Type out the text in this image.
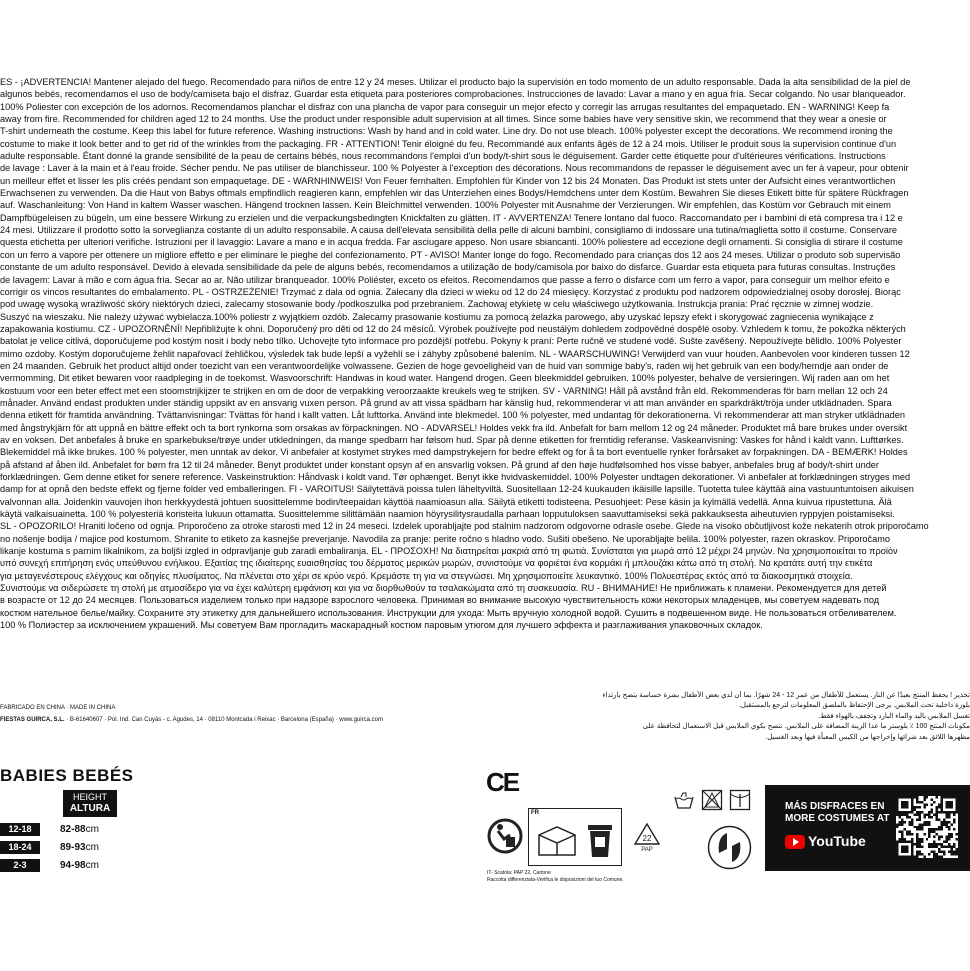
ES - ¡ADVERTENCIA! Mantener alejado del fuego. Recomendado para niños de entre 12 y 24 meses. Utilizar el producto bajo la supervisión en todo momento de un adulto responsable. Dada la alta sensibilidad de la piel de
algunos bebés, recomendamos el uso de body/camiseta bajo el disfraz. Guardar esta etiqueta para posteriores comprobaciones. Instrucciones de lavado: Lavar a mano y en agua fría. Secar colgando. No usar blanqueador.
100% Poliester con excepción de los adornos. Recomendamos planchar el disfraz con una plancha de vapor para conseguir un mejor efecto y corregir las arrugas resultantes del empaquetado. EN - WARNING! Keep fa
away from fire. Recommended for children aged 12 to 24 months. Use the product under responsible adult supervision at all times. Since some babies have very sensitive skin, we recommend that they wear a onesie or
T-shirt underneath the costume. Keep this label for future reference. Washing instructions: Wash by hand and in cold water. Line dry. Do not use bleach. 100% polyester except the decorations. We recommend ironing the
costume to make it look better and to get rid of the wrinkles from the packaging. FR - ATTENTION! Tenir éloigné du feu. Recommandé aux enfants âgés de 12 à 24 mois. Utiliser le produit sous la supervision continue d'un
adulte responsable. Étant donné la grande sensibilité de la peau de certains bébés, nous recommandons l'emploi d'un body/t-shirt sous le déguisement. Garder cette étiquette pour d'ultérieures vérifications. Instructions
de lavage : Laver à la main et à l'eau froide. Sécher pendu. Ne pas utiliser de blanchisseur. 100 % Polyester à l'exception des décorations. Nous recommandons de repasser le déguisement avec un fer à vapeur, pour obtenir
un meilleur effet et lisser les plis créés pendant son empaquetage. DE - WARNHINWEIS! Von Feuer fernhalten. Empfohlen für Kinder von 12 bis 24 Monaten. Das Produkt ist stets unter der Aufsicht eines verantwortlichen
Erwachsenen zu verwenden. Da die Haut von Babys oftmals empfindlich reagieren kann, empfehlen wir das Unterziehen eines Bodys/Hemdchens unter dem Kostüm. Bewahren Sie dieses Etikett bitte für spätere Rückfragen
auf. Waschanleitung: Von Hand in kaltem Wasser waschen. Hängend trocknen lassen. Kein Bleichmittel verwenden. 100% Polyester mit Ausnahme der Verzierungen. Wir empfehlen, das Kostüm vor Gebrauch mit einem
Dampfbügeleisen zu bügeln, um eine bessere Wirkung zu erzielen und die verpackungsbedingten Knickfalten zu glätten. IT - AVVERTENZA! Tenere lontano dal fuoco. Raccomandato per i bambini di età compresa tra i 12 e
24 mesi. Utilizzare il prodotto sotto la sorveglianza costante di un adulto responsabile. A causa dell'elevata sensibilità della pelle di alcuni bambini, consigliamo di indossare una tutina/maglietta sotto il costume. Conservare
questa etichetta per ulteriori verifiche. Istruzioni per il lavaggio: Lavare a mano e in acqua fredda. Far asciugare appeso. Non usare sbiancanti. 100% poliestere ad eccezione degli ornamenti. Si consiglia di stirare il costume
con un ferro a vapore per ottenere un migliore effetto e per eliminare le pieghe del confezionamento. PT - AVISO! Manter longe do fogo. Recomendado para crianças dos 12 aos 24 meses. Utilizar o produto sob supervisão
constante de um adulto responsável. Devido à elevada sensibilidade da pele de alguns bebés, recomendamos a utilização de body/camisola por baixo do disfarce. Guardar esta etiqueta para futuras consultas. Instruções
de lavagem: Lavar à mão e com água fria. Secar ao ar. Não utilizar branqueador. 100% Poliéster, exceto os efeitos. Recomendamos que passe a ferro o disfarce com um ferro a vapor, para conseguir um melhor efeito e
corrigir os vincos resultantes do embalamento. PL - OSTRZEŻENIE! Trzymać z dala od ognia. Zalecany dla dzieci w wieku od 12 do 24 miesięcy. Korzystać z produktu pod nadzorem odpowiedzialnej osoby dorosłej. Biorąc
pod uwagę wysoką wrażliwość skóry niektórych dzieci, zalecamy stosowanie body /podkoszulka pod przebraniem. Zachowaj etykietę w celu właściwego użytkowania. Instrukcja prania: Prać ręcznie w zimnej wodzie.
Suszyć na wieszaku. Nie należy używać wybielacza.100% poliestr z wyjątkiem ozdób. Zalecamy prasowanie kostiumu za pomocą żelazka parowego, aby uzyskać lepszy efekt i skorygować zagniecenia wynikające z
zapakowania kostiumu. CZ - UPOZORNĚNÍ! Nepřibližujte k ohni. Doporučený pro děti od 12 do 24 měsíců. Výrobek používejte pod neustálým dohledem zodpovědné dospělé osoby. Vzhledem k tomu, že pokožka některých
batolat je velice citlivá, doporučujeme pod kostým nosit i body nebo tílko. Uchovejte tyto informace pro pozdější potřebu. Pokyny k praní: Perte ručně ve studené vodě. Sušte zavěšený. Nepoužívejte bělidlo. 100% Polyester
mimo ozdoby. Kostým doporučujeme žehlit napařovací žehličkou, výsledek tak bude lepší a vyžehlí se i záhyby způsobené balením. NL - WAARSCHUWING! Verwijderd van vuur houden. Aanbevolen voor kinderen tussen 12
en 24 maanden. Gebruik het product altijd onder toezicht van een verantwoordelijke volwassene. Gezien de hoge gevoeligheid van de huid van sommige baby's, raden wij het gebruik van een body/hemdje aan onder de
vermomming. Dit etiket bewaren voor raadpleging in de toekomst. Wasvoorschrift: Handwas in koud water. Hangend drogen. Geen bleekmiddel gebruiken. 100% polyester, behalve de versieringen. Wij raden aan om het
kostuum voor een beter effect met een stoomstrijkijzer te strijken en om de door de verpakking veroorzaakte kreukels weg te strijken. SV - VARNING! Håll på avstånd från eld. Rekommenderas för barn mellan 12 och 24
månader. Använd endast produkten under ständig uppsikt av en ansvarig vuxen person. På grund av att vissa spädbarn har känslig hud, rekommenderar vi att man använder en sparkdräkt/tröja under utklädnaden. Spara
denna etikett för framtida användning. Tvättanvisningar: Tvättas för hand i kallt vatten. Låt lufttorka. Använd inte blekmedel. 100 % polyester, med undantag för dekorationerna. Vi rekommenderar att man stryker utklädnaden
med ångstrykjärn för att uppnå en bättre effekt och ta bort rynkorna som orsakas av förpackningen. NO - ADVARSEL! Holdes vekk fra ild. Anbefalt for barn mellom 12 og 24 måneder. Produktet må bare brukes under oversikt
av en voksen. Det anbefales å bruke en sparkebukse/trøye under utkledningen, da mange spedbarn har følsom hud. Spar på denne etiketten for fremtidig referanse. Vaskeanvisning: Vaskes for hånd i kaldt vann. Lufttørkes.
Blekemiddel må ikke brukes. 100 % polyester, men unntak av dekor. Vi anbefaler at kostymet strykes med dampstrykejern for bedre effekt og for å ta bort eventuelle rynker forårsaket av forpakningen. DA - BEMÆRK! Holdes
på afstand af åben ild. Anbefalet for børn fra 12 til 24 måneder. Benyt produktet under konstant opsyn af en ansvarlig voksen. På grund af den høje hudfølsomhed hos visse babyer, anbefales brug af body/t-shirt under
forklædningen. Gem denne etiket for senere reference. Vaskeinstruktion: Håndvask i koldt vand. Tør ophænget. Benyt ikke hvidvaskemiddel. 100% Polyester undtagen dekorationer. Vi anbefaler at forklædningen stryges med
damp for at opnå den bedste effekt og fjerne folder ved emballeringen. FI - VAROITUS! Säilytettävä poissa tulen läheltyviltä. Suositellaan 12-24 kuukauden ikäisille lapsille. Tuotetta tulee käyttää aina vastuuntuntoisen aikuisen
valvonnan alla. Joidenkin vauvojen ihon herkkyydestä johtuen suosittelemme bodin/teepaidan käyttöä naamioasun alla. Säilytä etiketti todisteena. Pesuohjeet: Pese käsin ja kylmällä vedellä. Anna kuivua ripustettuna. Älä
käytä valkaisuainetta. 100 % polyesteriä koristeita lukuun ottamatta. Suosittelemme silittämään naamion höyrysilitysraudalla parhaan lopputuloksen saavuttamiseksi sekä pakkauksesta aiheutuvien ryppyjen poistamiseksi.
SL - OPOZORILO! Hraniti ločeno od ognja. Priporočeno za otroke starosti med 12 in 24 meseci. Izdelek uporabljajte pod stalnim nadzorom odgovorne odrasle osebe. Glede na visoko občutljivost kože nekaterih otrok priporočamo
no nošenje bodija / majice pod kostumom. Shranite to etiketo za kasnejše preverjanje. Navodila za pranje: perite ročno s hladno vodo. Sušiti obešeno. Ne uporabljajte belila. 100% polyester, razen okraskov. Priporočamo
likanje kostuma s parnim likalnikom, za boljši izgled in odpravljanje gub zaradi embaliranja. EL - ΠΡΟΣΟΧΗ! Να διατηρείται μακριά από τη φωτιά. Συνίσταται για μωρά από 12 μέχρι 24 μηνών. Να χρησιμοποιείται το προϊόν
υπό συνεχή επιτήρηση ενός υπεύθυνου ενήλικου. Εξαιτίας της ιδιαίτερης ευαισθησίας του δέρματος μερικών μωρών, συνιστούμε να φοριέται ένα κορμάκι ή μπλουζάκι κάτω από τη στολή. Να κρατάτε αυτή την ετικέτα
για μεταγενέστερους ελέγχους και οδηγίες πλυσίματος. Να πλένεται στο χέρι σε κρύο νερό. Κρεμάστε τη για να στεγνώσει. Μη χρησιμοποιείτε λευκαντικό. 100% Πολυεστέρας εκτός από τα διακοσμητικά στοιχεία.
Συνιστούμε να σιδερώσετε τη στολή με ατμοσίδερο για να έχει καλύτερη εμφάνιση και για να διορθωθούν τα τσαλακώματα από τη συσκευασία. RU - ВНИМАНИЕ! Не приближать к пламени. Рекомендуется для детей
в возрасте от 12 до 24 месяцев. Пользоваться изделием только при надзоре взрослого человека. Принимая во внимание высокую чувствительность кожи некоторых младенцев, мы советуем надевать под
костюм нательное белье/майку. Сохраните эту этикетку для дальнейшего использования. Инструкции для ухода: Мыть вручную холодной водой. Сушить в подвешенном виде. Не пользоваться отбеливателем.
100 % Полиэстер за исключением украшений. Мы советуем Вам прогладить маскарадный костюм паровым утюгом для лучшего эффекта и разглаживания упаковочных складок.
تحذير ! يحفظ المنتج بعيدًا عن النار. يستعمل للأطفال من عمر 12 - 24 شهرًا. بما أن لدي بعض الأطفال بشرة حساسة ينصح بارتداء
بلوزة داخلية تحت الملابس. يرجى الإحتفاظ بالملصق المعلومات لترجع بالمستقبل.
تغسل الملابس باليد والماء البارد وتجفف بالهواء فقط.
مكونات المنتج 100 ٪ بلوستر ما عدا الزينة المضافة على الملابس. ننصح بكوي الملابس قبل الاستعمال لتحافظة على
مظهرها اللائق بعد شرائها وإخراجها من الكيس المعبأة فيها وبعد الغسيل.
FABRICADO EN CHINA · MADE IN CHINA
FIESTAS GUIRCA, S.L. · B-61640607 · Pol. Ind. Can Cuyàs - c. Agudes, 14 · 08110 Montcada i Reixac · Barcelona (España) · www.guirca.com
BABIES BEBÉS
HEIGHT
ALTURA
12-18	82-88cm
18-24	89-93cm
2-3	94-98cm
CE
FR
22
PAP
IT- Scatola: PAP 22, Cartone
Raccolta differenziata-Verifica le disposizioni del tuo Comune.
MÁS DISFRACES EN
MORE COSTUMES AT
YouTube
